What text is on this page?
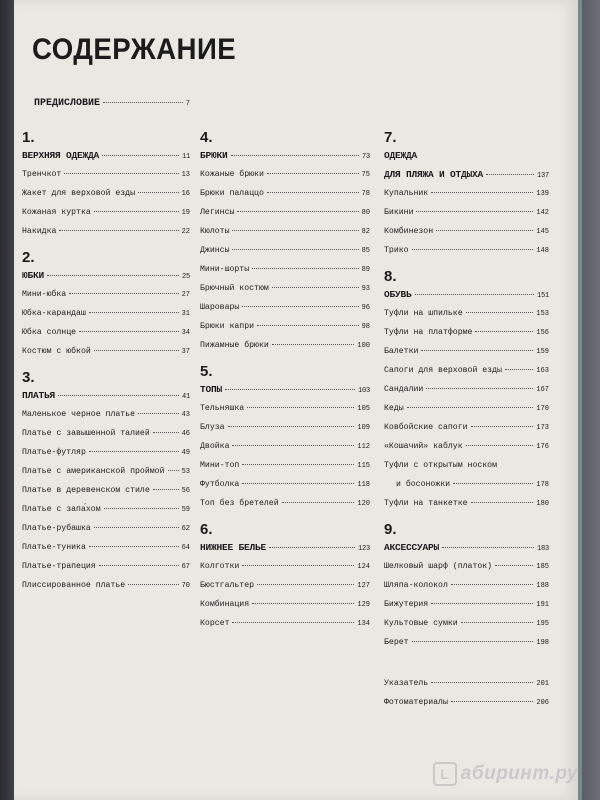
СОДЕРЖАНИЕ
ПРЕДИСЛОВИЕ	7
1.
ВЕРХНЯЯ ОДЕЖДА	11
Тренчкот	13
Жакет для верховой езды	16
Кожаная куртка	19
Накидка	22
2.
ЮБКИ	25
Мини-юбка	27
Юбка-карандаш	31
Юбка солнце	34
Костюм с юбкой	37
3.
ПЛАТЬЯ	41
Маленькое черное платье	43
Платье с завышенной талией	46
Платье-футляр	49
Платье с американской проймой 53
Платье в деревенском стиле	56
Платье с запа́хом	59
Платье-рубашка	62
Платье-туника	64
Платье-трапеция	67
Плиссированное платье	70
4.
БРЮКИ	73
Кожаные брюки	75
Брюки палаццо	78
Легинсы	80
Кюлоты	82
Джинсы	85
Мини-шорты	89
Брючный костюм	93
Шаровары	96
Брюки капри	98
Пижамные брюки	100
5.
ТОПЫ	103
Тельняшка	105
Блуза	109
Двойка	112
Мини-топ	115
Футболка	118
Топ без бретелей	120
6.
НИЖНЕЕ БЕЛЬЕ	123
Колготки	124
Бюстгальтер	127
Комбинация	129
Корсет	134
7.
ОДЕЖДА
ДЛЯ ПЛЯЖА И ОТДЫХА	137
Купальник	139
Бикини	142
Комбинезон	145
Трико	148
8.
ОБУВЬ	151
Туфли на шпильке	153
Туфли на платформе	156
Балетки	159
Сапоги для верховой езды	163
Сандалии	167
Кеды	170
Ковбойские сапоги	173
«Кошачий» каблук	176
Туфли с открытым носком
и босоножки	178
Туфли на танкетке	180
9.
АКСЕССУАРЫ	183
Шелковый шарф (платок)	185
Шляпа-колокол	188
Бижутерия	191
Культовые сумки	195
Берет	198
Указатель	201
Фотоматериалы	206
L абиринт.ру
